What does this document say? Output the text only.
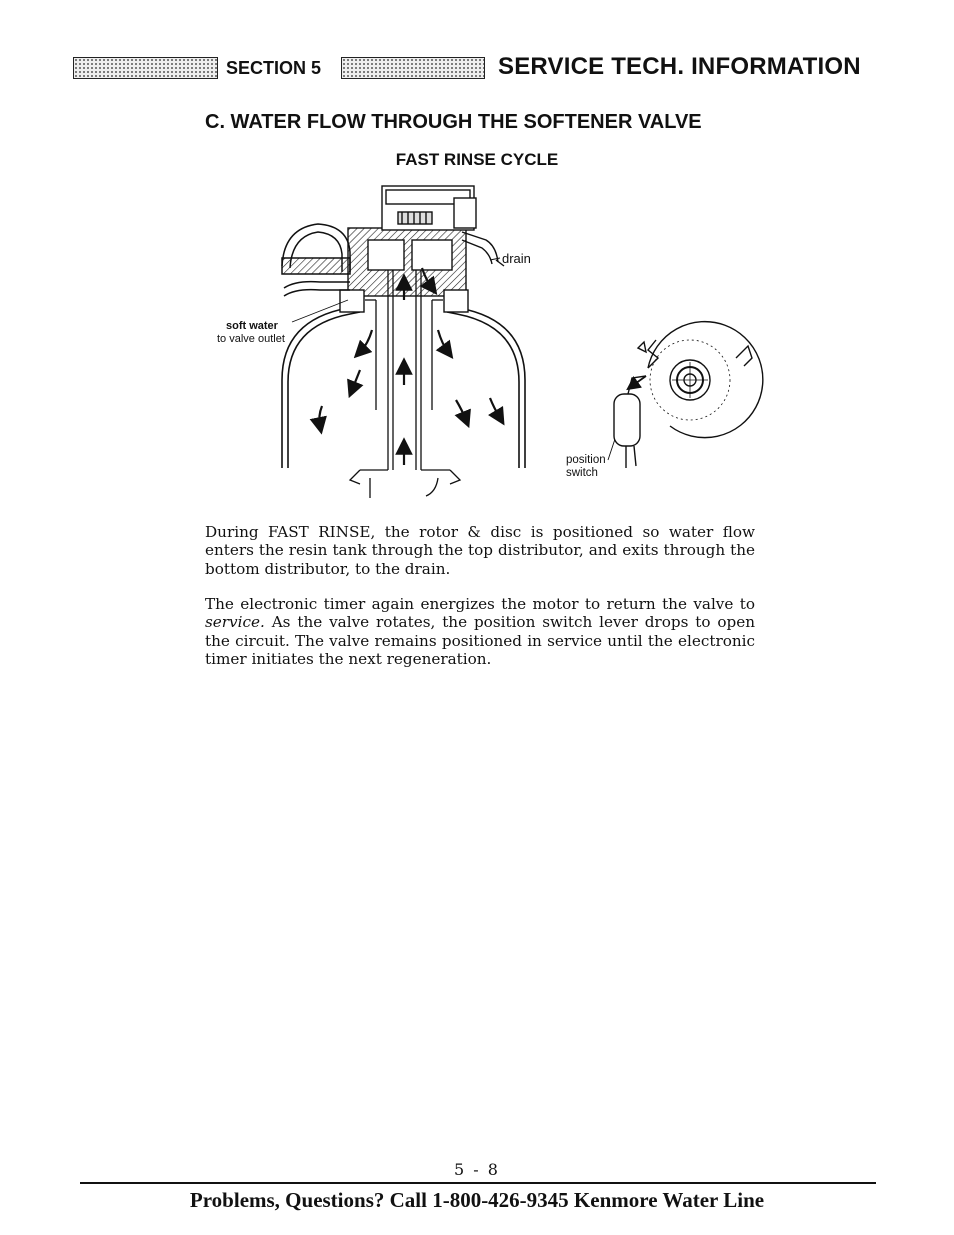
SECTION 5	SERVICE TECH. INFORMATION
C. WATER FLOW THROUGH THE SOFTENER VALVE
FAST RINSE CYCLE
drain
soft water
to valve outlet
position
switch

During FAST RINSE, the rotor & disc is positioned so water flow enters the resin tank through the top distributor, and exits through the bottom distributor, to the drain.

The electronic timer again energizes the motor to return the valve to service. As the valve rotates, the position switch lever drops to open the circuit. The valve remains positioned in service until the electronic timer initiates the next regeneration.

5 - 8
Problems, Questions? Call 1-800-426-9345 Kenmore Water Line
